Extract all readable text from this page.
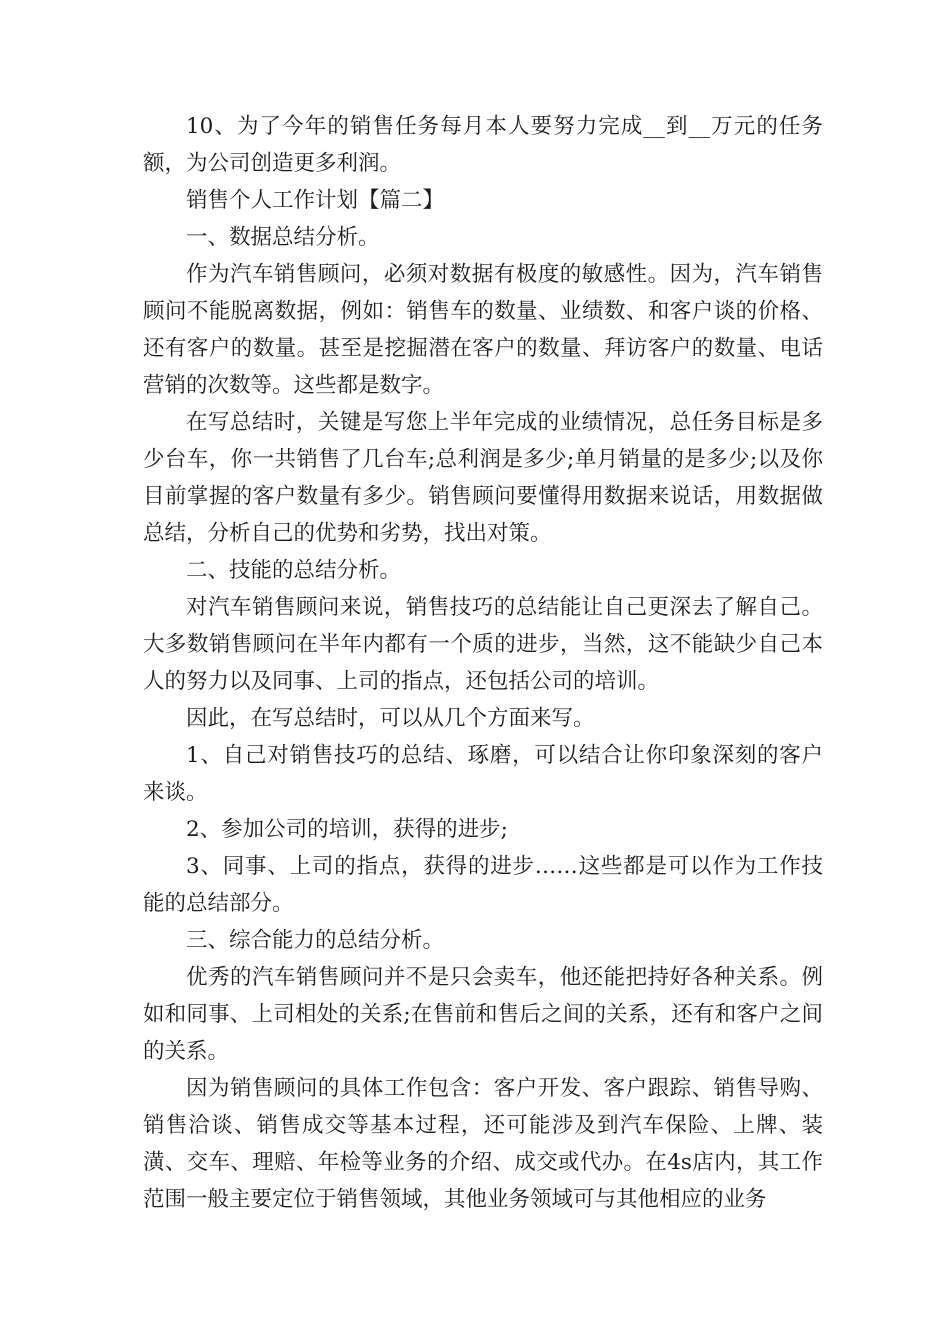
10、为了今年的销售任务每月本人要努力完成__到__万元的任务额，为公司创造更多利润。

销售个人工作计划【篇二】

一、数据总结分析。

作为汽车销售顾问，必须对数据有极度的敏感性。因为，汽车销售顾问不能脱离数据，例如：销售车的数量、业绩数、和客户谈的价格、还有客户的数量。甚至是挖掘潜在客户的数量、拜访客户的数量、电话营销的次数等。这些都是数字。

在写总结时，关键是写您上半年完成的业绩情况，总任务目标是多少台车，你一共销售了几台车;总利润是多少;单月销量的是多少;以及你目前掌握的客户数量有多少。销售顾问要懂得用数据来说话，用数据做总结，分析自己的优势和劣势，找出对策。

二、技能的总结分析。

对汽车销售顾问来说，销售技巧的总结能让自己更深去了解自己。大多数销售顾问在半年内都有一个质的进步，当然，这不能缺少自己本人的努力以及同事、上司的指点，还包括公司的培训。

因此，在写总结时，可以从几个方面来写。

1、自己对销售技巧的总结、琢磨，可以结合让你印象深刻的客户来谈。

2、参加公司的培训，获得的进步;

3、同事、上司的指点，获得的进步……这些都是可以作为工作技能的总结部分。

三、综合能力的总结分析。

优秀的汽车销售顾问并不是只会卖车，他还能把持好各种关系。例如和同事、上司相处的关系;在售前和售后之间的关系，还有和客户之间的关系。

因为销售顾问的具体工作包含：客户开发、客户跟踪、销售导购、销售洽谈、销售成交等基本过程，还可能涉及到汽车保险、上牌、装潢、交车、理赔、年检等业务的介绍、成交或代办。在4s店内，其工作范围一般主要定位于销售领域，其他业务领域可与其他相应的业务
